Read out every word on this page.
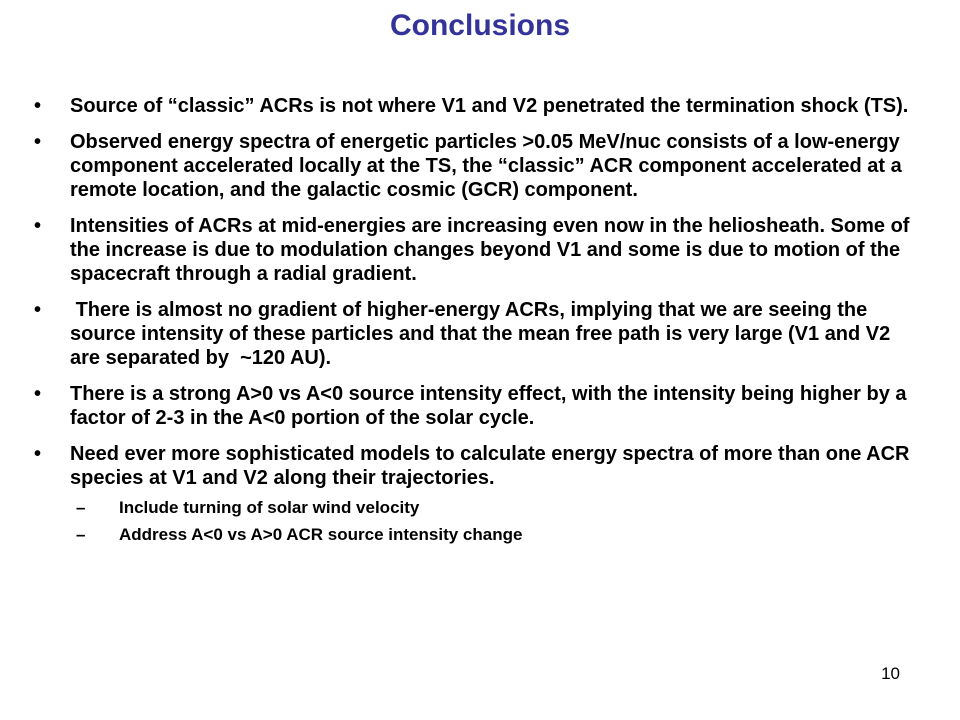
Conclusions
•	Source of “classic” ACRs is not where V1 and V2 penetrated the termination shock (TS).
•	Observed energy spectra of energetic particles >0.05 MeV/nuc consists of a low-energy component accelerated locally at the TS, the “classic” ACR component accelerated at a remote location, and the galactic cosmic (GCR) component.
•	Intensities of ACRs at mid-energies are increasing even now in the heliosheath. Some of the increase is due to modulation changes beyond V1 and some is due to motion of the spacecraft through a radial gradient.
•	There is almost no gradient of higher-energy ACRs, implying that we are seeing the source intensity of these particles and that the mean free path is very large (V1 and V2 are separated by  ~120 AU).
•	There is a strong A>0 vs A<0 source intensity effect, with the intensity being higher by a factor of 2-3 in the A<0 portion of the solar cycle.
•	Need ever more sophisticated models to calculate energy spectra of more than one ACR species at V1 and V2 along their trajectories.
– Include turning of solar wind velocity
– Address A<0 vs A>0 ACR source intensity change
10
